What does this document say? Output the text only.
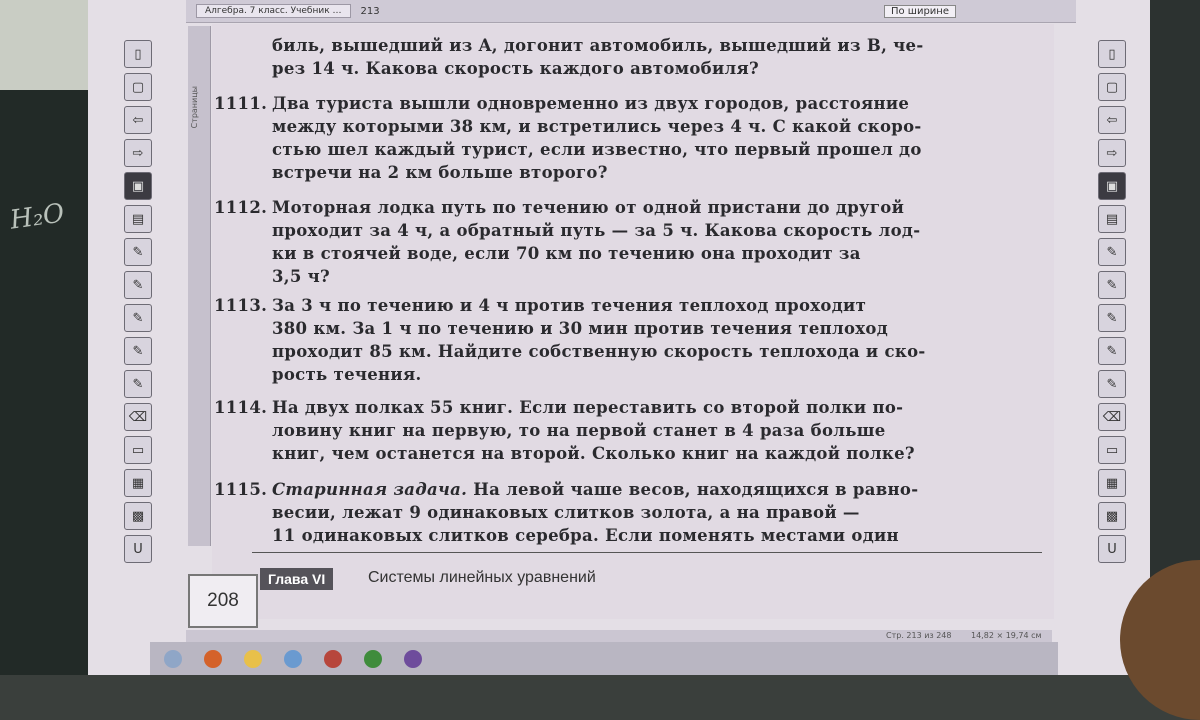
H₂O
▯
▢
⇦
⇨
▣
▤
✎
✎
✎
✎
✎
⌫
▭
▦
▩
U
▯
▢
⇦
⇨
▣
▤
✎
✎
✎
✎
✎
⌫
▭
▦
▩
U
Алгебра. 7 класс. Учебник …	213	По ширине
Страницы
биль, вышедший из A, догонит автомобиль, вышедший из B, че-
рез 14 ч. Какова скорость каждого автомобиля?
1111. Два туриста вышли одновременно из двух городов, расстояние
между которыми 38 км, и встретились через 4 ч. С какой скоро-
стью шел каждый турист, если известно, что первый прошел до
встречи на 2 км больше второго?
1112. Моторная лодка путь по течению от одной пристани до другой
проходит за 4 ч, а обратный путь — за 5 ч. Какова скорость лод-
ки в стоячей воде, если 70 км по течению она проходит за
3,5 ч?
1113. За 3 ч по течению и 4 ч против течения теплоход проходит
380 км. За 1 ч по течению и 30 мин против течения теплоход
проходит 85 км. Найдите собственную скорость теплохода и ско-
рость течения.
1114. На двух полках 55 книг. Если переставить со второй полки по-
ловину книг на первую, то на первой станет в 4 раза больше
книг, чем останется на второй. Сколько книг на каждой полке?
1115. Старинная задача. На левой чаше весов, находящихся в равно-
весии, лежат 9 одинаковых слитков золота, а на правой —
11 одинаковых слитков серебра. Если поменять местами один
208
Глава VI	Системы линейных уравнений
Стр. 213 из 248 14,82 × 19,74 см
